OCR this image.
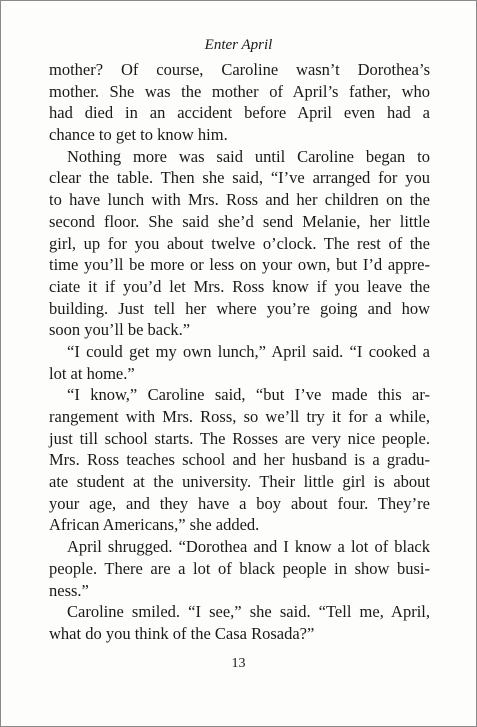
Enter April
mother? Of course, Caroline wasn’t Dorothea’s
mother. She was the mother of April’s father, who
had died in an accident before April even had a
chance to get to know him.
Nothing more was said until Caroline began to
clear the table. Then she said, “I’ve arranged for you
to have lunch with Mrs. Ross and her children on the
second floor. She said she’d send Melanie, her little
girl, up for you about twelve o’clock. The rest of the
time you’ll be more or less on your own, but I’d appre-
ciate it if you’d let Mrs. Ross know if you leave the
building. Just tell her where you’re going and how
soon you’ll be back.”
“I could get my own lunch,” April said. “I cooked a
lot at home.”
“I know,” Caroline said, “but I’ve made this ar-
rangement with Mrs. Ross, so we’ll try it for a while,
just till school starts. The Rosses are very nice people.
Mrs. Ross teaches school and her husband is a gradu-
ate student at the university. Their little girl is about
your age, and they have a boy about four. They’re
African Americans,” she added.
April shrugged. “Dorothea and I know a lot of black
people. There are a lot of black people in show busi-
ness.”
Caroline smiled. “I see,” she said. “Tell me, April,
what do you think of the Casa Rosada?”
13
